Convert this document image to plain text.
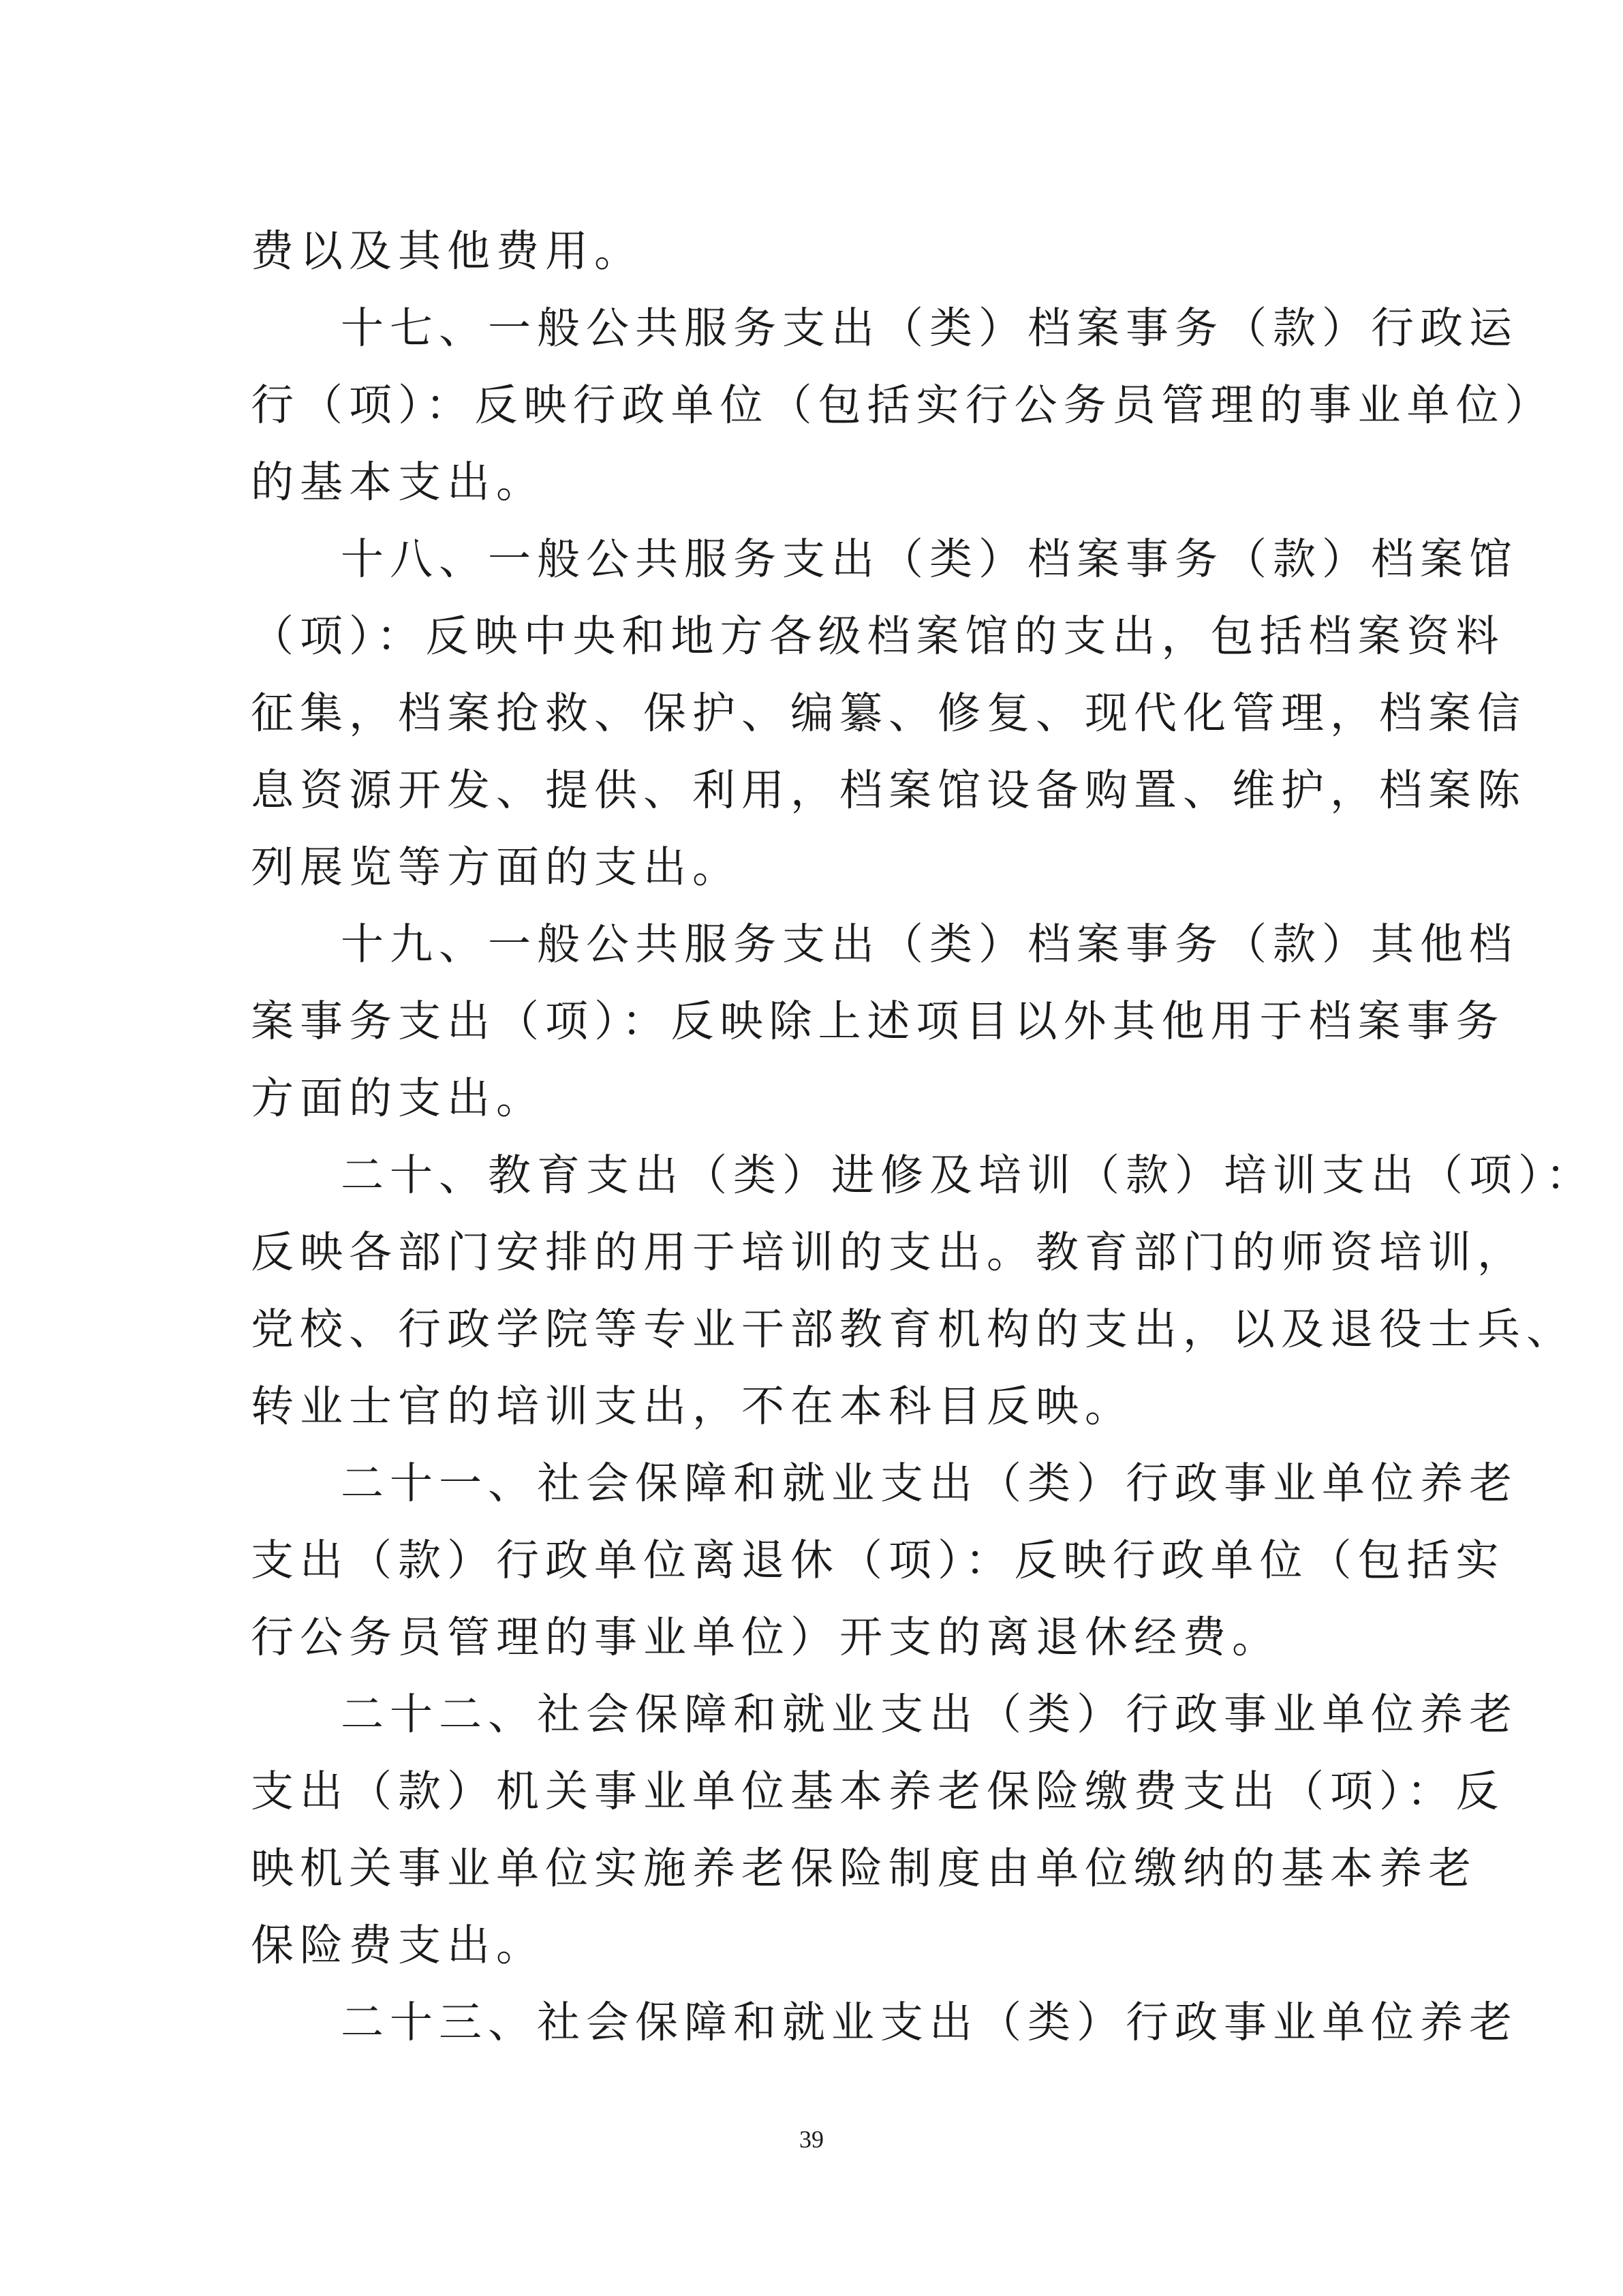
费以及其他费用。
十七、一般公共服务支出（类）档案事务（款）行政运
行（项）：反映行政单位（包括实行公务员管理的事业单位）
的基本支出。
十八、一般公共服务支出（类）档案事务（款）档案馆
（项）：反映中央和地方各级档案馆的支出，包括档案资料
征集，档案抢救、保护、编纂、修复、现代化管理，档案信
息资源开发、提供、利用，档案馆设备购置、维护，档案陈
列展览等方面的支出。
十九、一般公共服务支出（类）档案事务（款）其他档
案事务支出（项）：反映除上述项目以外其他用于档案事务
方面的支出。
二十、教育支出（类）进修及培训（款）培训支出（项）：
反映各部门安排的用于培训的支出。教育部门的师资培训，
党校、行政学院等专业干部教育机构的支出，以及退役士兵、
转业士官的培训支出，不在本科目反映。
二十一、社会保障和就业支出（类）行政事业单位养老
支出（款）行政单位离退休（项）：反映行政单位（包括实
行公务员管理的事业单位）开支的离退休经费。
二十二、社会保障和就业支出（类）行政事业单位养老
支出（款）机关事业单位基本养老保险缴费支出（项）：反
映机关事业单位实施养老保险制度由单位缴纳的基本养老
保险费支出。
二十三、社会保障和就业支出（类）行政事业单位养老
39
